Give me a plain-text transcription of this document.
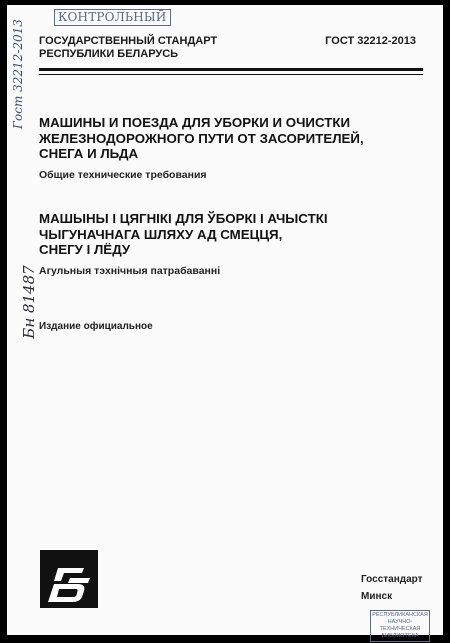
КОНТРОЛЬНЫЙ
Гост 32212-2013
Бн 81487
ГОСУДАРСТВЕННЫЙ СТАНДАРТ
РЕСПУБЛИКИ БЕЛАРУСЬ
ГОСТ 32212-2013
МАШИНЫ И ПОЕЗДА ДЛЯ УБОРКИ И ОЧИСТКИ
ЖЕЛЕЗНОДОРОЖНОГО ПУТИ ОТ ЗАСОРИТЕЛЕЙ,
СНЕГА И ЛЬДА
Общие технические требования
МАШЫНЫ І ЦЯГНІКІ ДЛЯ ЎБОРКІ І АЧЫСТКІ
ЧЫГУНАЧНАГА ШЛЯХУ АД СМЕЦЦЯ,
СНЕГУ І ЛЁДУ
Агульныя тэхнічныя патрабаванні
Издание официальное
Госстандарт
Минск
РЕСПУБЛИКАНСКАЯ
НАУЧНО-ТЕХНИЧЕСКАЯ
БИБЛИОТЕКА
